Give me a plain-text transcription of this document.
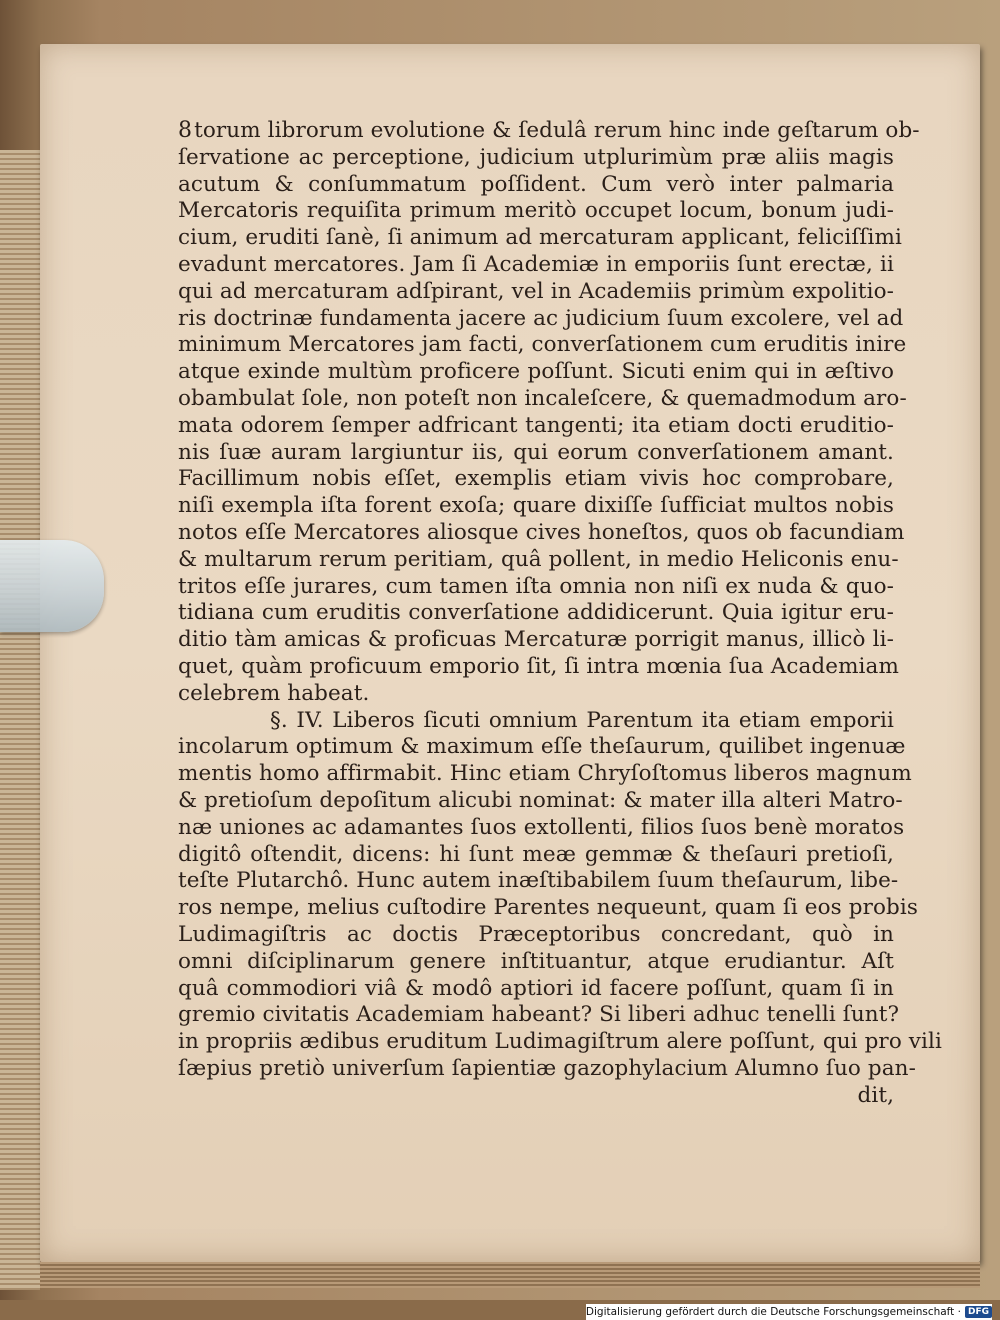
8torum librorum evolutione & ſedulâ rerum hinc inde geſtarum ob-
ſervatione ac perceptione, judicium utplurimùm præ aliis magis
acutum & conſummatum poſſident. Cum verò inter palmaria
Mercatoris requiſita primum meritò occupet locum, bonum judi-
cium, eruditi ſanè, ſi animum ad mercaturam applicant, feliciſſimi
evadunt mercatores. Jam ſi Academiæ in emporiis ſunt erectæ, ii
qui ad mercaturam adſpirant, vel in Academiis primùm expolitio-
ris doctrinæ fundamenta jacere ac judicium ſuum excolere, vel ad
minimum Mercatores jam facti, converſationem cum eruditis inire
atque exinde multùm proficere poſſunt. Sicuti enim qui in æſtivo
obambulat ſole, non poteſt non incaleſcere, & quemadmodum aro-
mata odorem ſemper adfricant tangenti; ita etiam docti eruditio-
nis ſuæ auram largiuntur iis, qui eorum converſationem amant.
Facillimum nobis eſſet, exemplis etiam vivis hoc comprobare,
niſi exempla iſta forent exoſa; quare dixiſſe ſufficiat multos nobis
notos eſſe Mercatores aliosque cives honeſtos, quos ob facundiam
& multarum rerum peritiam, quâ pollent, in medio Heliconis enu-
tritos eſſe jurares, cum tamen iſta omnia non niſi ex nuda & quo-
tidiana cum eruditis converſatione addidicerunt. Quia igitur eru-
ditio tàm amicas & proficuas Mercaturæ porrigit manus, illicò li-
quet, quàm proficuum emporio ſit, ſi intra mœnia ſua Academiam
celebrem habeat.
§. IV. Liberos ſicuti omnium Parentum ita etiam emporii
incolarum optimum & maximum eſſe theſaurum, quilibet ingenuæ
mentis homo affirmabit. Hinc etiam Chryſoſtomus liberos magnum
& pretioſum depoſitum alicubi nominat: & mater illa alteri Matro-
næ uniones ac adamantes ſuos extollenti, filios ſuos benè moratos
digitô oſtendit, dicens: hi ſunt meæ gemmæ & theſauri pretioſi,
teſte Plutarchô. Hunc autem inæſtibabilem ſuum theſaurum, libe-
ros nempe, melius cuſtodire Parentes nequeunt, quam ſi eos probis
Ludimagiſtris ac doctis Præceptoribus concredant, quò in
omni diſciplinarum genere inſtituantur, atque erudiantur. Aſt
quâ commodiori viâ & modô aptiori id facere poſſunt, quam ſi in
gremio civitatis Academiam habeant? Si liberi adhuc tenelli ſunt?
in propriis ædibus eruditum Ludimagiſtrum alere poſſunt, qui pro vili
ſæpius pretiò univerſum ſapientiæ gazophylacium Alumno ſuo pan-
dit,
Digitalisierung gefördert durch die Deutsche Forschungsgemeinschaft · DFG
